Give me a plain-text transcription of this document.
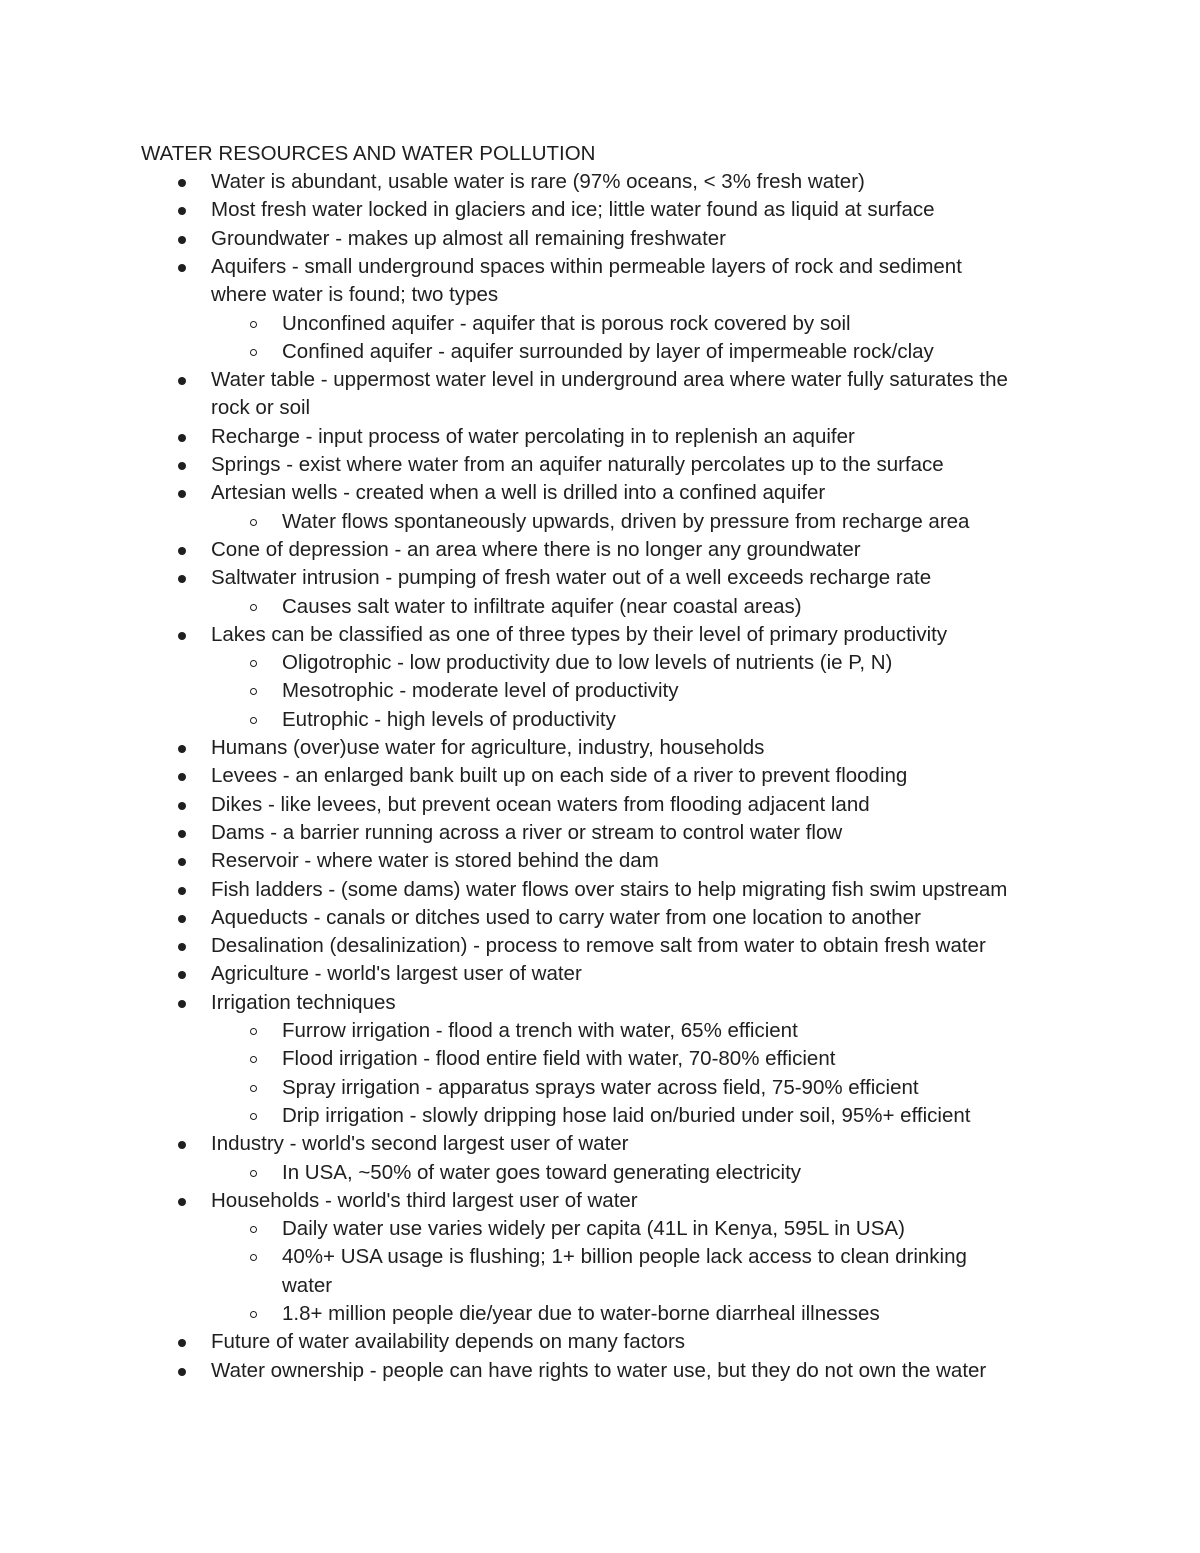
WATER RESOURCES AND WATER POLLUTION
Water is abundant, usable water is rare (97% oceans, < 3% fresh water)
Most fresh water locked in glaciers and ice; little water found as liquid at surface
Groundwater - makes up almost all remaining freshwater
Aquifers - small underground spaces within permeable layers of rock and sediment
where water is found; two types
Unconfined aquifer - aquifer that is porous rock covered by soil
Confined aquifer - aquifer surrounded by layer of impermeable rock/clay
Water table - uppermost water level in underground area where water fully saturates the
rock or soil
Recharge - input process of water percolating in to replenish an aquifer
Springs - exist where water from an aquifer naturally percolates up to the surface
Artesian wells - created when a well is drilled into a confined aquifer
Water flows spontaneously upwards, driven by pressure from recharge area
Cone of depression - an area where there is no longer any groundwater
Saltwater intrusion - pumping of fresh water out of a well exceeds recharge rate
Causes salt water to infiltrate aquifer (near coastal areas)
Lakes can be classified as one of three types by their level of primary productivity
Oligotrophic - low productivity due to low levels of nutrients (ie P, N)
Mesotrophic - moderate level of productivity
Eutrophic - high levels of productivity
Humans (over)use water for agriculture, industry, households
Levees - an enlarged bank built up on each side of a river to prevent flooding
Dikes - like levees, but prevent ocean waters from flooding adjacent land
Dams - a barrier running across a river or stream to control water flow
Reservoir - where water is stored behind the dam
Fish ladders - (some dams) water flows over stairs to help migrating fish swim upstream
Aqueducts - canals or ditches used to carry water from one location to another
Desalination (desalinization) - process to remove salt from water to obtain fresh water
Agriculture - world's largest user of water
Irrigation techniques
Furrow irrigation - flood a trench with water, 65% efficient
Flood irrigation - flood entire field with water, 70-80% efficient
Spray irrigation - apparatus sprays water across field, 75-90% efficient
Drip irrigation - slowly dripping hose laid on/buried under soil, 95%+ efficient
Industry - world's second largest user of water
In USA, ~50% of water goes toward generating electricity
Households - world's third largest user of water
Daily water use varies widely per capita (41L in Kenya, 595L in USA)
40%+ USA usage is flushing; 1+ billion people lack access to clean drinking
water
1.8+ million people die/year due to water-borne diarrheal illnesses
Future of water availability depends on many factors
Water ownership - people can have rights to water use, but they do not own the water
